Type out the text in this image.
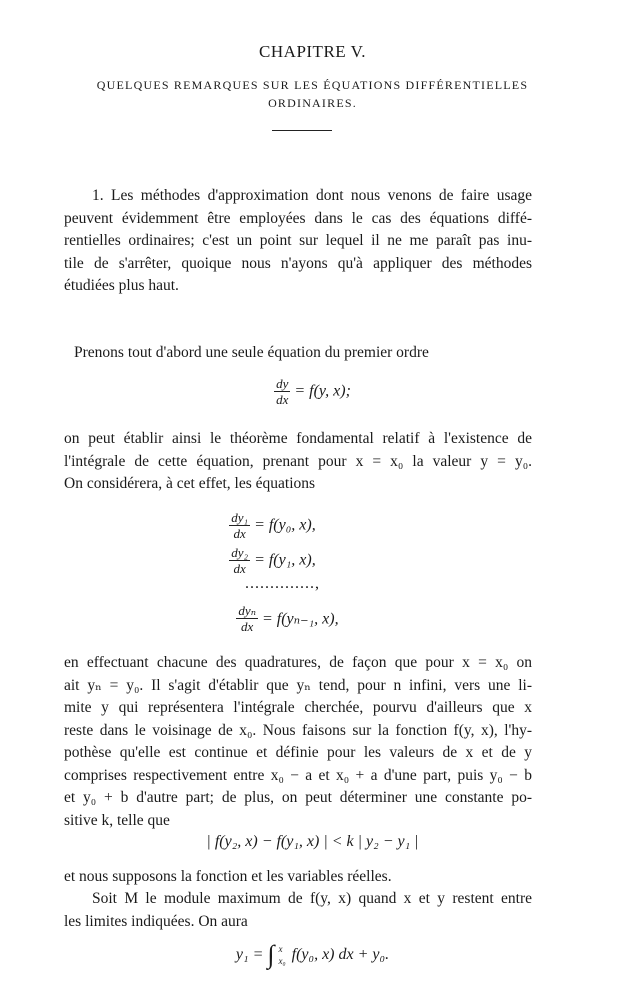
CHAPITRE V.
QUELQUES REMARQUES SUR LES ÉQUATIONS DIFFÉRENTIELLES
ORDINAIRES.
1. Les méthodes d'approximation dont nous venons de faire usage
peuvent évidemment être employées dans le cas des équations diffé-
rentielles ordinaires; c'est un point sur lequel il ne me paraît pas inu-
tile de s'arrêter, quoique nous n'ayons qu'à appliquer des méthodes
étudiées plus haut.
Prenons tout d'abord une seule équation du premier ordre
$\frac{dy}{dx} = f(y$, x);
on peut établir ainsi le théorème fondamental relatif à l'existence de
l'intégrale de cette équation, prenant pour x = x₀ la valeur y = y₀.
On considérera, à cet effet, les équations
$\frac{\text{dy₁}}{dx} = f(y_0$, x),
$\frac{\text{dy₂}}{dx} = f(y_1$, x),
..............,
$\frac{\text{dyₙ}}{dx} = f(y_{n-1}$, x),
en effectuant chacune des quadratures, de façon que pour x = x₀ on
ait yₙ = y₀. Il s'agit d'établir que yₙ tend, pour n infini, vers une li-
mite y qui représentera l'intégrale cherchée, pourvu d'ailleurs que x
reste dans le voisinage de x₀. Nous faisons sur la fonction f(y, x), l'hy-
pothèse qu'elle est continue et définie pour les valeurs de x et de y
comprises respectivement entre x₀ − a et x₀ + a d'une part, puis y₀ − b
et y₀ + b d'autre part; de plus, on peut déterminer une constante po-
sitive k, telle que
| f(y₂, x) − f(y₁, x) | < k | y₂ − y₁ |
et nous supposons la fonction et les variables réelles.
Soit M le module maximum de f(y, x) quand x et y restent entre
les limites indiquées. On aura
y₁ = ∫ x
x₀ f(y₀, x) dx + y₀.
